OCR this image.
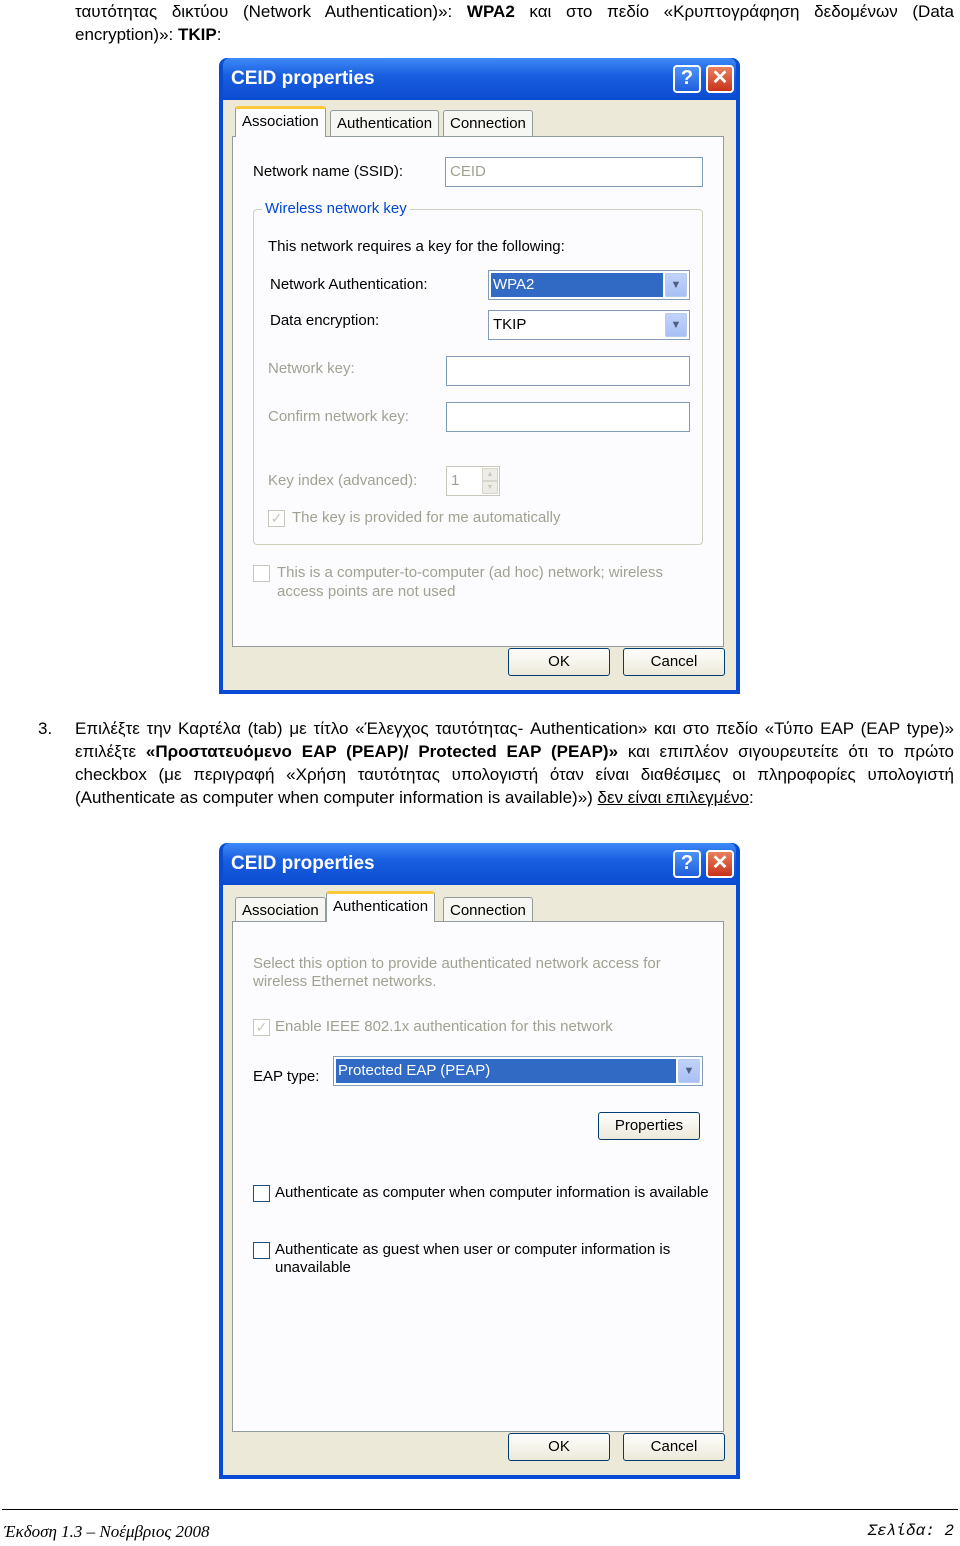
ταυτότητας δικτύου (Network Authentication)»: WPA2 και στο πεδίο «Κρυπτογράφηση δεδομένων (Data encryption)»: TKIP:
CEID properties	? ✕
Association	Authentication	Connection
Network name (SSID):	CEID
Wireless network key
This network requires a key for the following:
Network Authentication:	WPA2	▼
Data encryption:	TKIP	▼
Network key:
Confirm network key:
Key index (advanced):	1	▲
▼
✓ The key is provided for me automatically
This is a computer-to-computer (ad hoc) network; wireless
access points are not used
OK	Cancel
3. Επιλέξτε την Καρτέλα (tab) με τίτλο «Έλεγχος ταυτότητας- Authentication» και στο πεδίο «Τύπο EAP (EAP type)» επιλέξτε «Προστατευόμενο EAP (PEAP)/ Protected EAP (PEAP)» και επιπλέον σιγουρευτείτε ότι το πρώτο checkbox (με περιγραφή «Χρήση ταυτότητας υπολογιστή όταν είναι διαθέσιμες οι πληροφορίες υπολογιστή (Authenticate as computer when computer information is available)») δεν είναι επιλεγμένο:
CEID properties	? ✕
Association Authentication	Connection
Select this option to provide authenticated network access for
wireless Ethernet networks.
✓ Enable IEEE 802.1x authentication for this network
EAP type: Protected EAP (PEAP)	▼
Properties
Authenticate as computer when computer information is available
Authenticate as guest when user or computer information is
unavailable
OK	Cancel
Έκδοση 1.3 – Νοέμβριος 2008	Σελίδα: 2
